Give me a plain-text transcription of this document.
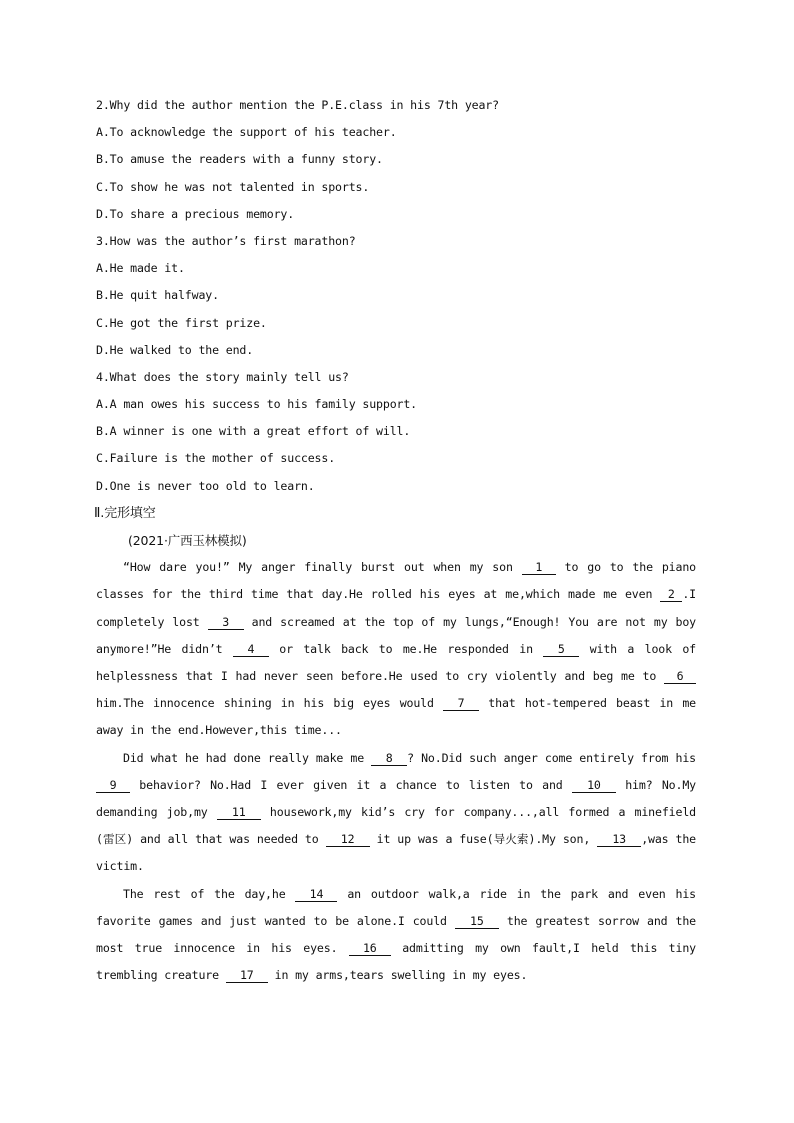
2.Why did the author mention the P.E.class in his 7th year?
A.To acknowledge the support of his teacher.
B.To amuse the readers with a funny story.
C.To show he was not talented in sports.
D.To share a precious memory.
3.How was the author’s first marathon?
A.He made it.
B.He quit halfway.
C.He got the first prize.
D.He walked to the end.
4.What does the story mainly tell us?
A.A man owes his success to his family support.
B.A winner is one with a great effort of will.
C.Failure is the mother of success.
D.One is never too old to learn.
Ⅱ.完形填空
(2021·广西玉林模拟)

“How dare you!” My anger finally burst out when my son 1 to go to the piano classes for the third time that day.He rolled his eyes at me,which made me even 2 .I completely lost 3 and screamed at the top of my lungs,“Enough! You are not my boy anymore!”He didn’t 4 or talk back to me.He responded in 5 with a look of helplessness that I had never seen before.He used to cry violently and beg me to 6 him.The innocence shining in his big eyes would 7 that hot-tempered beast in me away in the end.However,this time...

Did what he had done really make me 8 ? No.Did such anger come entirely from his 9 behavior? No.Had I ever given it a chance to listen to and 10 him? No.My demanding job,my 11 housework,my kid’s cry for company...,all formed a minefield (雷区) and all that was needed to 12 it up was a fuse(导火索).My son, 13 ,was the victim.

The rest of the day,he 14 an outdoor walk,a ride in the park and even his favorite games and just wanted to be alone.I could 15 the greatest sorrow and the most true innocence in his eyes. 16 admitting my own fault,I held this tiny trembling creature 17 in my arms,tears swelling in my eyes.
